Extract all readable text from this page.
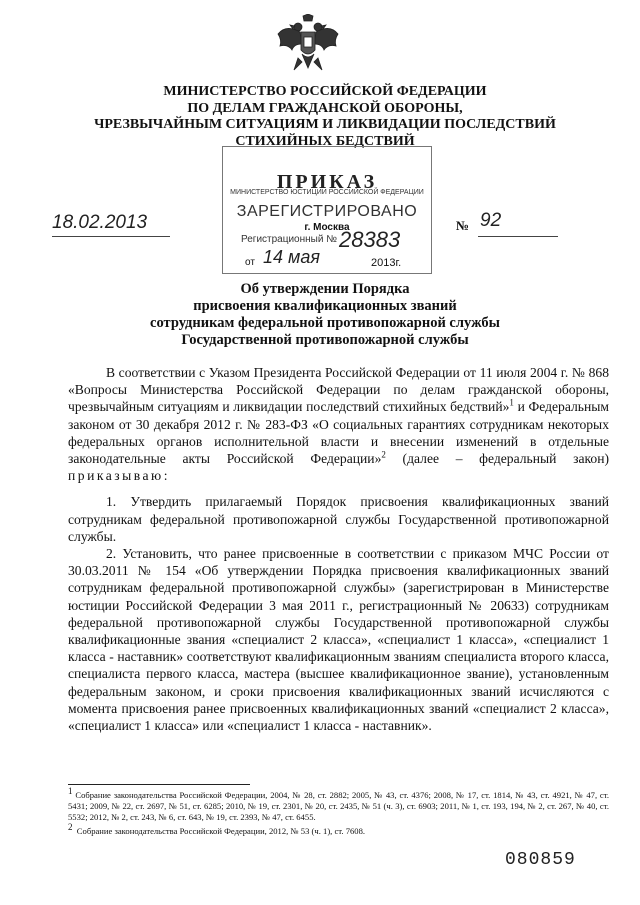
МИНИСТЕРСТВО РОССИЙСКОЙ ФЕДЕРАЦИИ
ПО ДЕЛАМ ГРАЖДАНСКОЙ ОБОРОНЫ,
ЧРЕЗВЫЧАЙНЫМ СИТУАЦИЯМ И ЛИКВИДАЦИИ ПОСЛЕДСТВИЙ
СТИХИЙНЫХ БЕДСТВИЙ
ПРИКАЗ
МИНИСТЕРСТВО ЮСТИЦИИ РОССИЙСКОЙ ФЕДЕРАЦИИ
ЗАРЕГИСТРИРОВАНО
г. Москва
Регистрационный № 28383
от 14 мая	2013г.
18.02.2013	№ 92
Об утверждении Порядка
присвоения квалификационных званий
сотрудникам федеральной противопожарной службы
Государственной противопожарной службы

В соответствии с Указом Президента Российской Федерации от 11 июля 2004 г. № 868 «Вопросы Министерства Российской Федерации по делам гражданской обороны, чрезвычайным ситуациям и ликвидации последствий стихийных бедствий»$^1$ и Федеральным законом от 30 декабря 2012 г. № 283-ФЗ «О социальных гарантиях сотрудникам некоторых федеральных органов исполнительной власти и внесении изменений в отдельные законодательные акты Российской Федерации»$^2$ (далее – федеральный закон) приказываю:

1. Утвердить прилагаемый Порядок присвоения квалификационных званий сотрудникам федеральной противопожарной службы Государственной противопожарной службы.

2. Установить, что ранее присвоенные в соответствии с приказом МЧС России от 30.03.2011 № 154 «Об утверждении Порядка присвоения квалификационных званий сотрудникам федеральной противопожарной службы» (зарегистрирован в Министерстве юстиции Российской Федерации 3 мая 2011 г., регистрационный № 20633) сотрудникам федеральной противопожарной службы Государственной противопожарной службы квалификационные звания «специалист 2 класса», «специалист 1 класса», «специалист 1 класса - наставник» соответствуют квалификационным званиям специалиста второго класса, специалиста первого класса, мастера (высшее квалификационное звание), установленным федеральным законом, и сроки присвоения квалификационных званий исчисляются с момента присвоения ранее присвоенных квалификационных званий «специалист 2 класса», «специалист 1 класса» или «специалист 1 класса - наставник».

$^1$ Собрание законодательства Российской Федерации, 2004, № 28, ст. 2882; 2005, № 43, ст. 4376; 2008, № 17, ст. 1814, № 43, ст. 4921, № 47, ст. 5431; 2009, № 22, ст. 2697, № 51, ст. 6285; 2010, № 19, ст. 2301, № 20, ст. 2435, № 51 (ч. 3), ст. 6903; 2011, № 1, ст. 193, 194, № 2, ст. 267, № 40, ст. 5532; 2012, № 2, ст. 243, № 6, ст. 643, № 19, ст. 2393, № 47, ст. 6455.

$^2$ Собрание законодательства Российской Федерации, 2012, № 53 (ч. 1), ст. 7608.

080859
